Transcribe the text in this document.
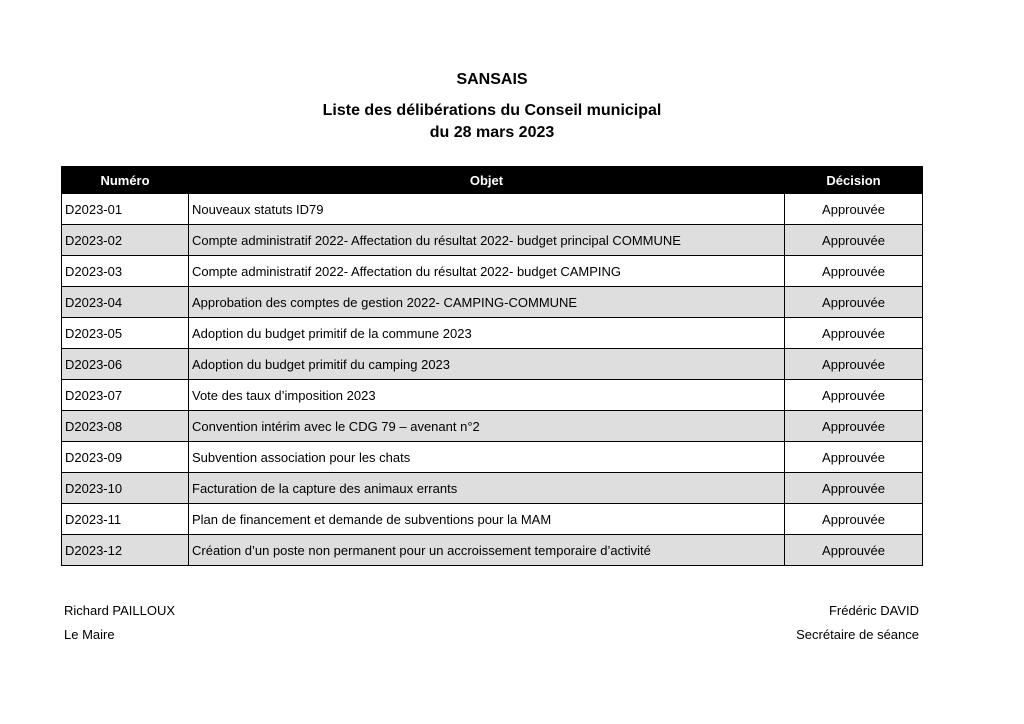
SANSAIS
Liste des délibérations du Conseil municipal
du 28 mars 2023
Numéro	Objet	Décision
D2023-01	Nouveaux statuts ID79	Approuvée
D2023-02	Compte administratif 2022- Affectation du résultat 2022- budget principal COMMUNE	Approuvée
D2023-03	Compte administratif 2022- Affectation du résultat 2022- budget CAMPING	Approuvée
D2023-04	Approbation des comptes de gestion 2022- CAMPING-COMMUNE	Approuvée
D2023-05	Adoption du budget primitif de la commune 2023	Approuvée
D2023-06	Adoption du budget primitif du camping 2023	Approuvée
D2023-07	Vote des taux d’imposition 2023	Approuvée
D2023-08	Convention intérim avec le CDG 79 – avenant n°2	Approuvée
D2023-09	Subvention association pour les chats	Approuvée
D2023-10	Facturation de la capture des animaux errants	Approuvée
D2023-11	Plan de financement et demande de subventions pour la MAM	Approuvée
D2023-12	Création d’un poste non permanent pour un accroissement temporaire d’activité	Approuvée
Richard PAILLOUX
Le Maire
Frédéric DAVID
Secrétaire de séance
